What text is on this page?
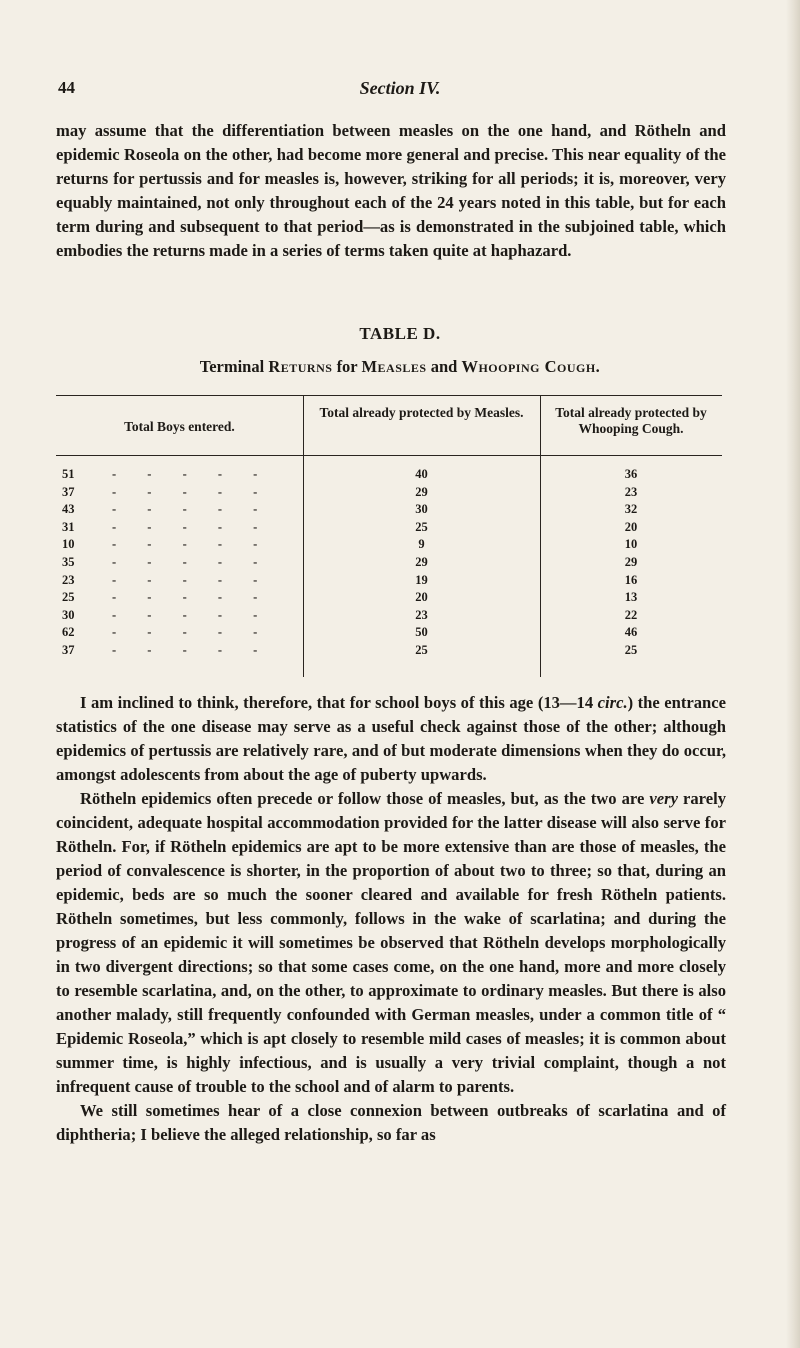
44	Section IV.
may assume that the differentiation between measles on the one hand, and Rötheln and epidemic Roseola on the other, had become more general and precise. This near equality of the returns for pertussis and for measles is, however, striking for all periods; it is, moreover, very equably maintained, not only throughout each of the 24 years noted in this table, but for each term during and subsequent to that period—as is demonstrated in the subjoined table, which embodies the returns made in a series of terms taken quite at haphazard.
TABLE D.
Terminal Returns for Measles and Whooping Cough.
Total Boys entered.
Total already protected by Measles.	Total already protected by Whooping Cough.
51	- - - - -	40	36
37	- - - - -	29	23
43	- - - - -	30	32
31	- - - - -	25	20
10	- - - - -	9	10
35	- - - - -	29	29
23	- - - - -	19	16
25	- - - - -	20	13
30	- - - - -	23	22
62	- - - - -	50	46
37	- - - - -	25	25
I am inclined to think, therefore, that for school boys of this age (13—14 circ.) the entrance statistics of the one disease may serve as a useful check against those of the other; although epidemics of pertussis are relatively rare, and of but moderate dimensions when they do occur, amongst adolescents from about the age of puberty upwards.
Rötheln epidemics often precede or follow those of measles, but, as the two are very rarely coincident, adequate hospital accommodation provided for the latter disease will also serve for Rötheln. For, if Rötheln epidemics are apt to be more extensive than are those of measles, the period of convalescence is shorter, in the proportion of about two to three; so that, during an epidemic, beds are so much the sooner cleared and available for fresh Rötheln patients. Rötheln sometimes, but less commonly, follows in the wake of scarlatina; and during the progress of an epidemic it will sometimes be observed that Rötheln develops morphologically in two divergent directions; so that some cases come, on the one hand, more and more closely to resemble scarlatina, and, on the other, to approximate to ordinary measles. But there is also another malady, still frequently confounded with German measles, under a common title of “ Epidemic Roseola,” which is apt closely to resemble mild cases of measles; it is common about summer time, is highly infectious, and is usually a very trivial complaint, though a not infrequent cause of trouble to the school and of alarm to parents.
We still sometimes hear of a close connexion between outbreaks of scarlatina and of diphtheria; I believe the alleged relationship, so far as
